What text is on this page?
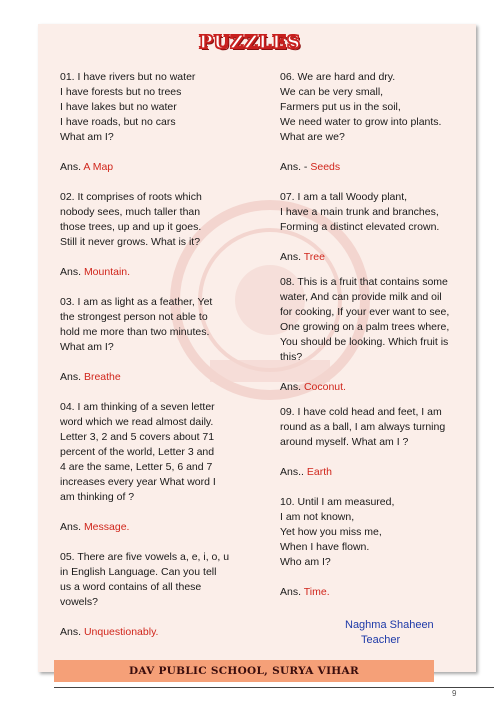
PUZZLES

01. I have rivers but no water
I have forests but no trees
I have lakes but no water
I have roads, but no cars
What am I?

Ans. A Map

02. It comprises of roots which
nobody sees, much taller than
those trees, up and up it goes.
Still it never grows. What is it?

Ans. Mountain.

03. I am as light as a feather, Yet
the strongest person not able to
hold me more than two minutes.
What am I?

Ans. Breathe

04. I am thinking of a seven letter
word which we read almost daily.
Letter 3, 2 and 5 covers about 71
percent of the world, Letter 3 and
4 are the same, Letter 5, 6 and 7
increases every year What word I
am thinking of ?

Ans. Message.

05. There are five vowels a, e, i, o, u
in English Language. Can you tell
us a word contains of all these
vowels?

Ans. Unquestionably.

06. We are hard and dry.
We can be very small,
Farmers put us in the soil,
We need water to grow into plants.
What are we?

Ans. - Seeds

07. I am a tall Woody plant,
I have a main trunk and branches,
Forming a distinct elevated crown.

Ans. Tree

08. This is a fruit that contains some
water, And can provide milk and oil
for cooking, If your ever want to see,
One growing on a palm trees where,
You should be looking. Which fruit is
this?

Ans. Coconut.

09. I have cold head and feet, I am
round as a ball, I am always turning
around myself. What am I ?

Ans.. Earth

10. Until I am measured,
I am not known,
Yet how you miss me,
When I have flown.
Who am I?

Ans. Time.

Naghma Shaheen
Teacher
DAV PUBLIC SCHOOL, SURYA VIHAR
9
